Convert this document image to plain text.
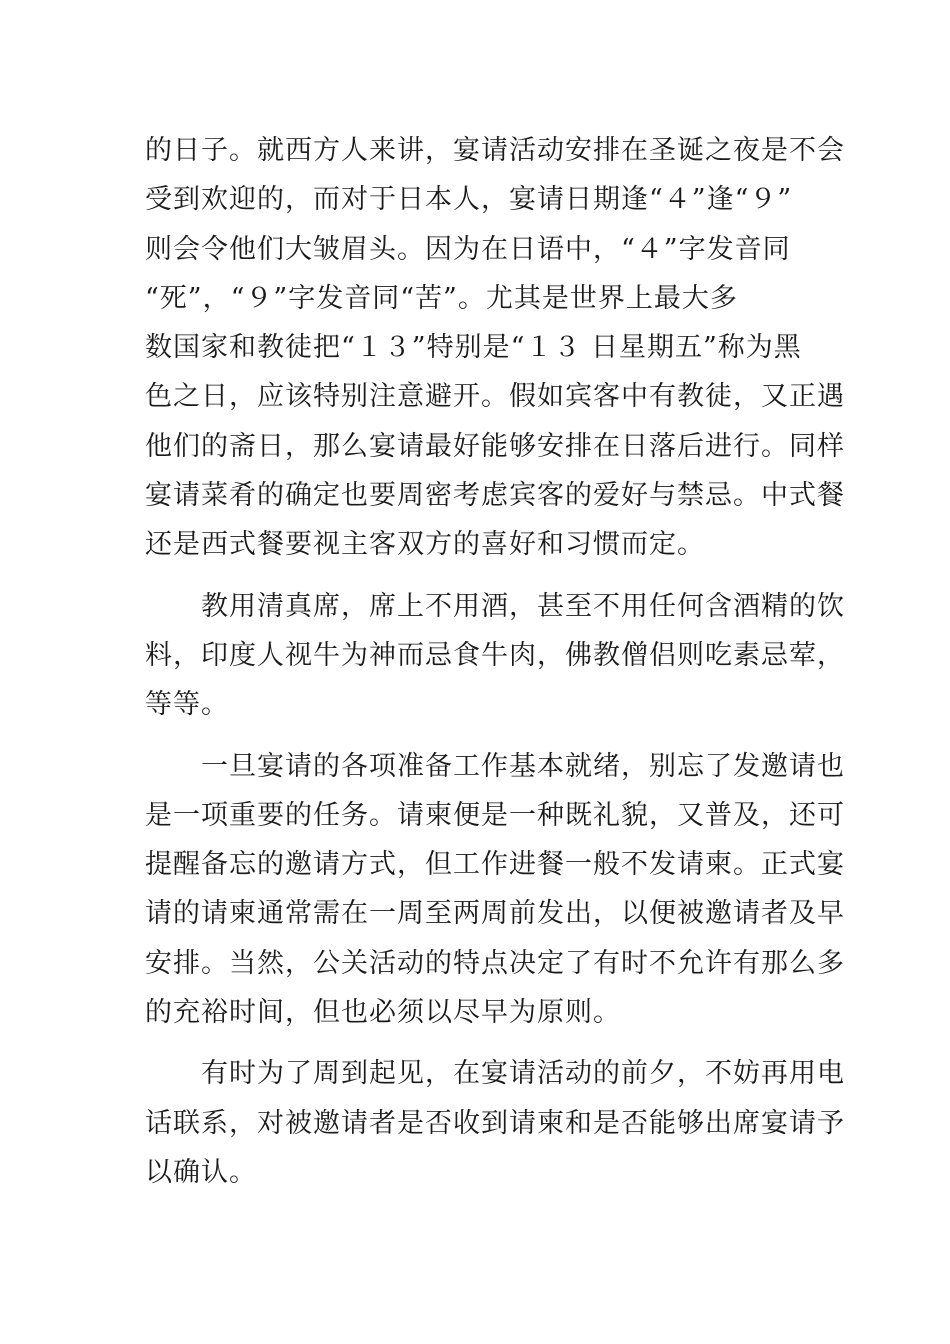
的日子。就西方人来讲，宴请活动安排在圣诞之夜是不会
受到欢迎的，而对于日本人，宴请日期逢“４”逢“９”
则会令他们大皱眉头。因为在日语中，“４”字发音同
“死”，“９”字发音同“苦”。尤其是世界上最大多
数国家和教徒把“１３”特别是“１３ 日星期五”称为黑
色之日，应该特别注意避开。假如宾客中有教徒，又正遇
他们的斋日，那么宴请最好能够安排在日落后进行。同样
宴请菜肴的确定也要周密考虑宾客的爱好与禁忌。中式餐
还是西式餐要视主客双方的喜好和习惯而定。
教用清真席，席上不用酒，甚至不用任何含酒精的饮
料，印度人视牛为神而忌食牛肉，佛教僧侣则吃素忌荤，
等等。
一旦宴请的各项准备工作基本就绪，别忘了发邀请也
是一项重要的任务。请柬便是一种既礼貌，又普及，还可
提醒备忘的邀请方式，但工作进餐一般不发请柬。正式宴
请的请柬通常需在一周至两周前发出，以便被邀请者及早
安排。当然，公关活动的特点决定了有时不允许有那么多
的充裕时间，但也必须以尽早为原则。
有时为了周到起见，在宴请活动的前夕，不妨再用电
话联系，对被邀请者是否收到请柬和是否能够出席宴请予
以确认。
